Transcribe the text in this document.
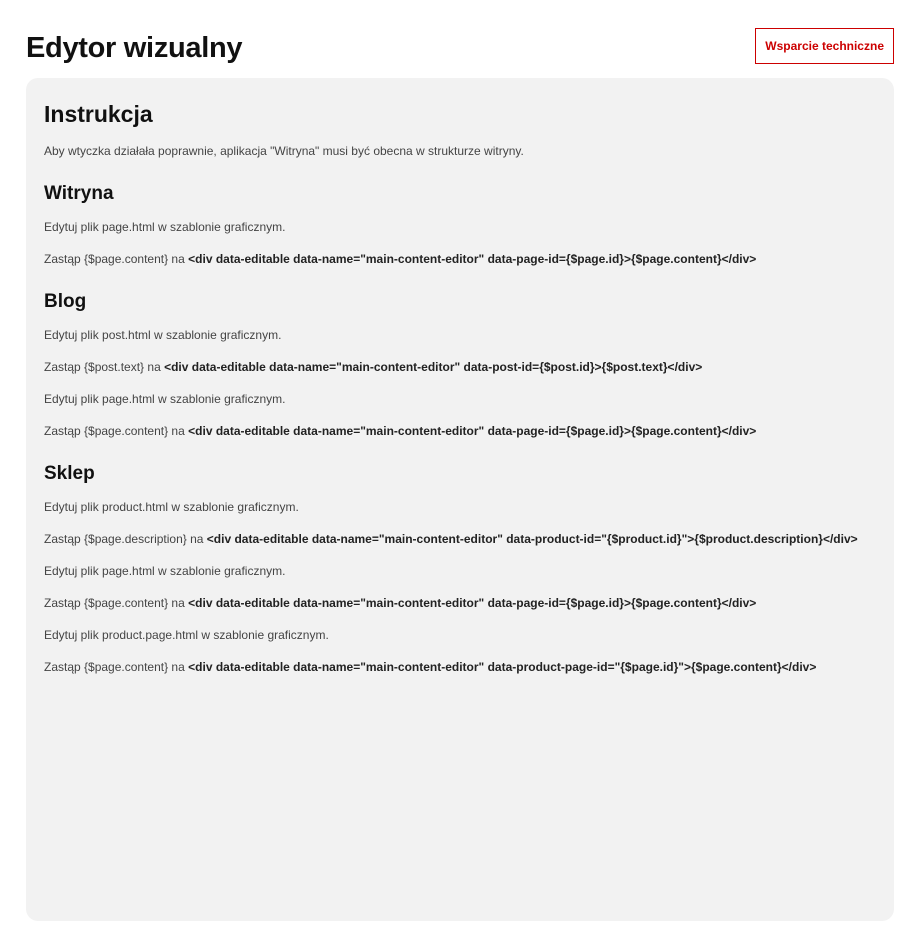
Edytor wizualny	Wsparcie techniczne
Instrukcja

Aby wtyczka działała poprawnie, aplikacja "Witryna" musi być obecna w strukturze witryny.

Witryna

Edytuj plik page.html w szablonie graficznym.

Zastąp {$page.content} na <div data-editable data-name="main-content-editor" data-page-id={$page.id}>{$page.content}</div>

Blog

Edytuj plik post.html w szablonie graficznym.

Zastąp {$post.text} na <div data-editable data-name="main-content-editor" data-post-id={$post.id}>{$post.text}</div>

Edytuj plik page.html w szablonie graficznym.

Zastąp {$page.content} na <div data-editable data-name="main-content-editor" data-page-id={$page.id}>{$page.content}</div>

Sklep

Edytuj plik product.html w szablonie graficznym.

Zastąp {$page.description} na <div data-editable data-name="main-content-editor" data-product-id="{$product.id}">{$product.description}</div>

Edytuj plik page.html w szablonie graficznym.

Zastąp {$page.content} na <div data-editable data-name="main-content-editor" data-page-id={$page.id}>{$page.content}</div>

Edytuj plik product.page.html w szablonie graficznym.

Zastąp {$page.content} na <div data-editable data-name="main-content-editor" data-product-page-id="{$page.id}">{$page.content}</div>
